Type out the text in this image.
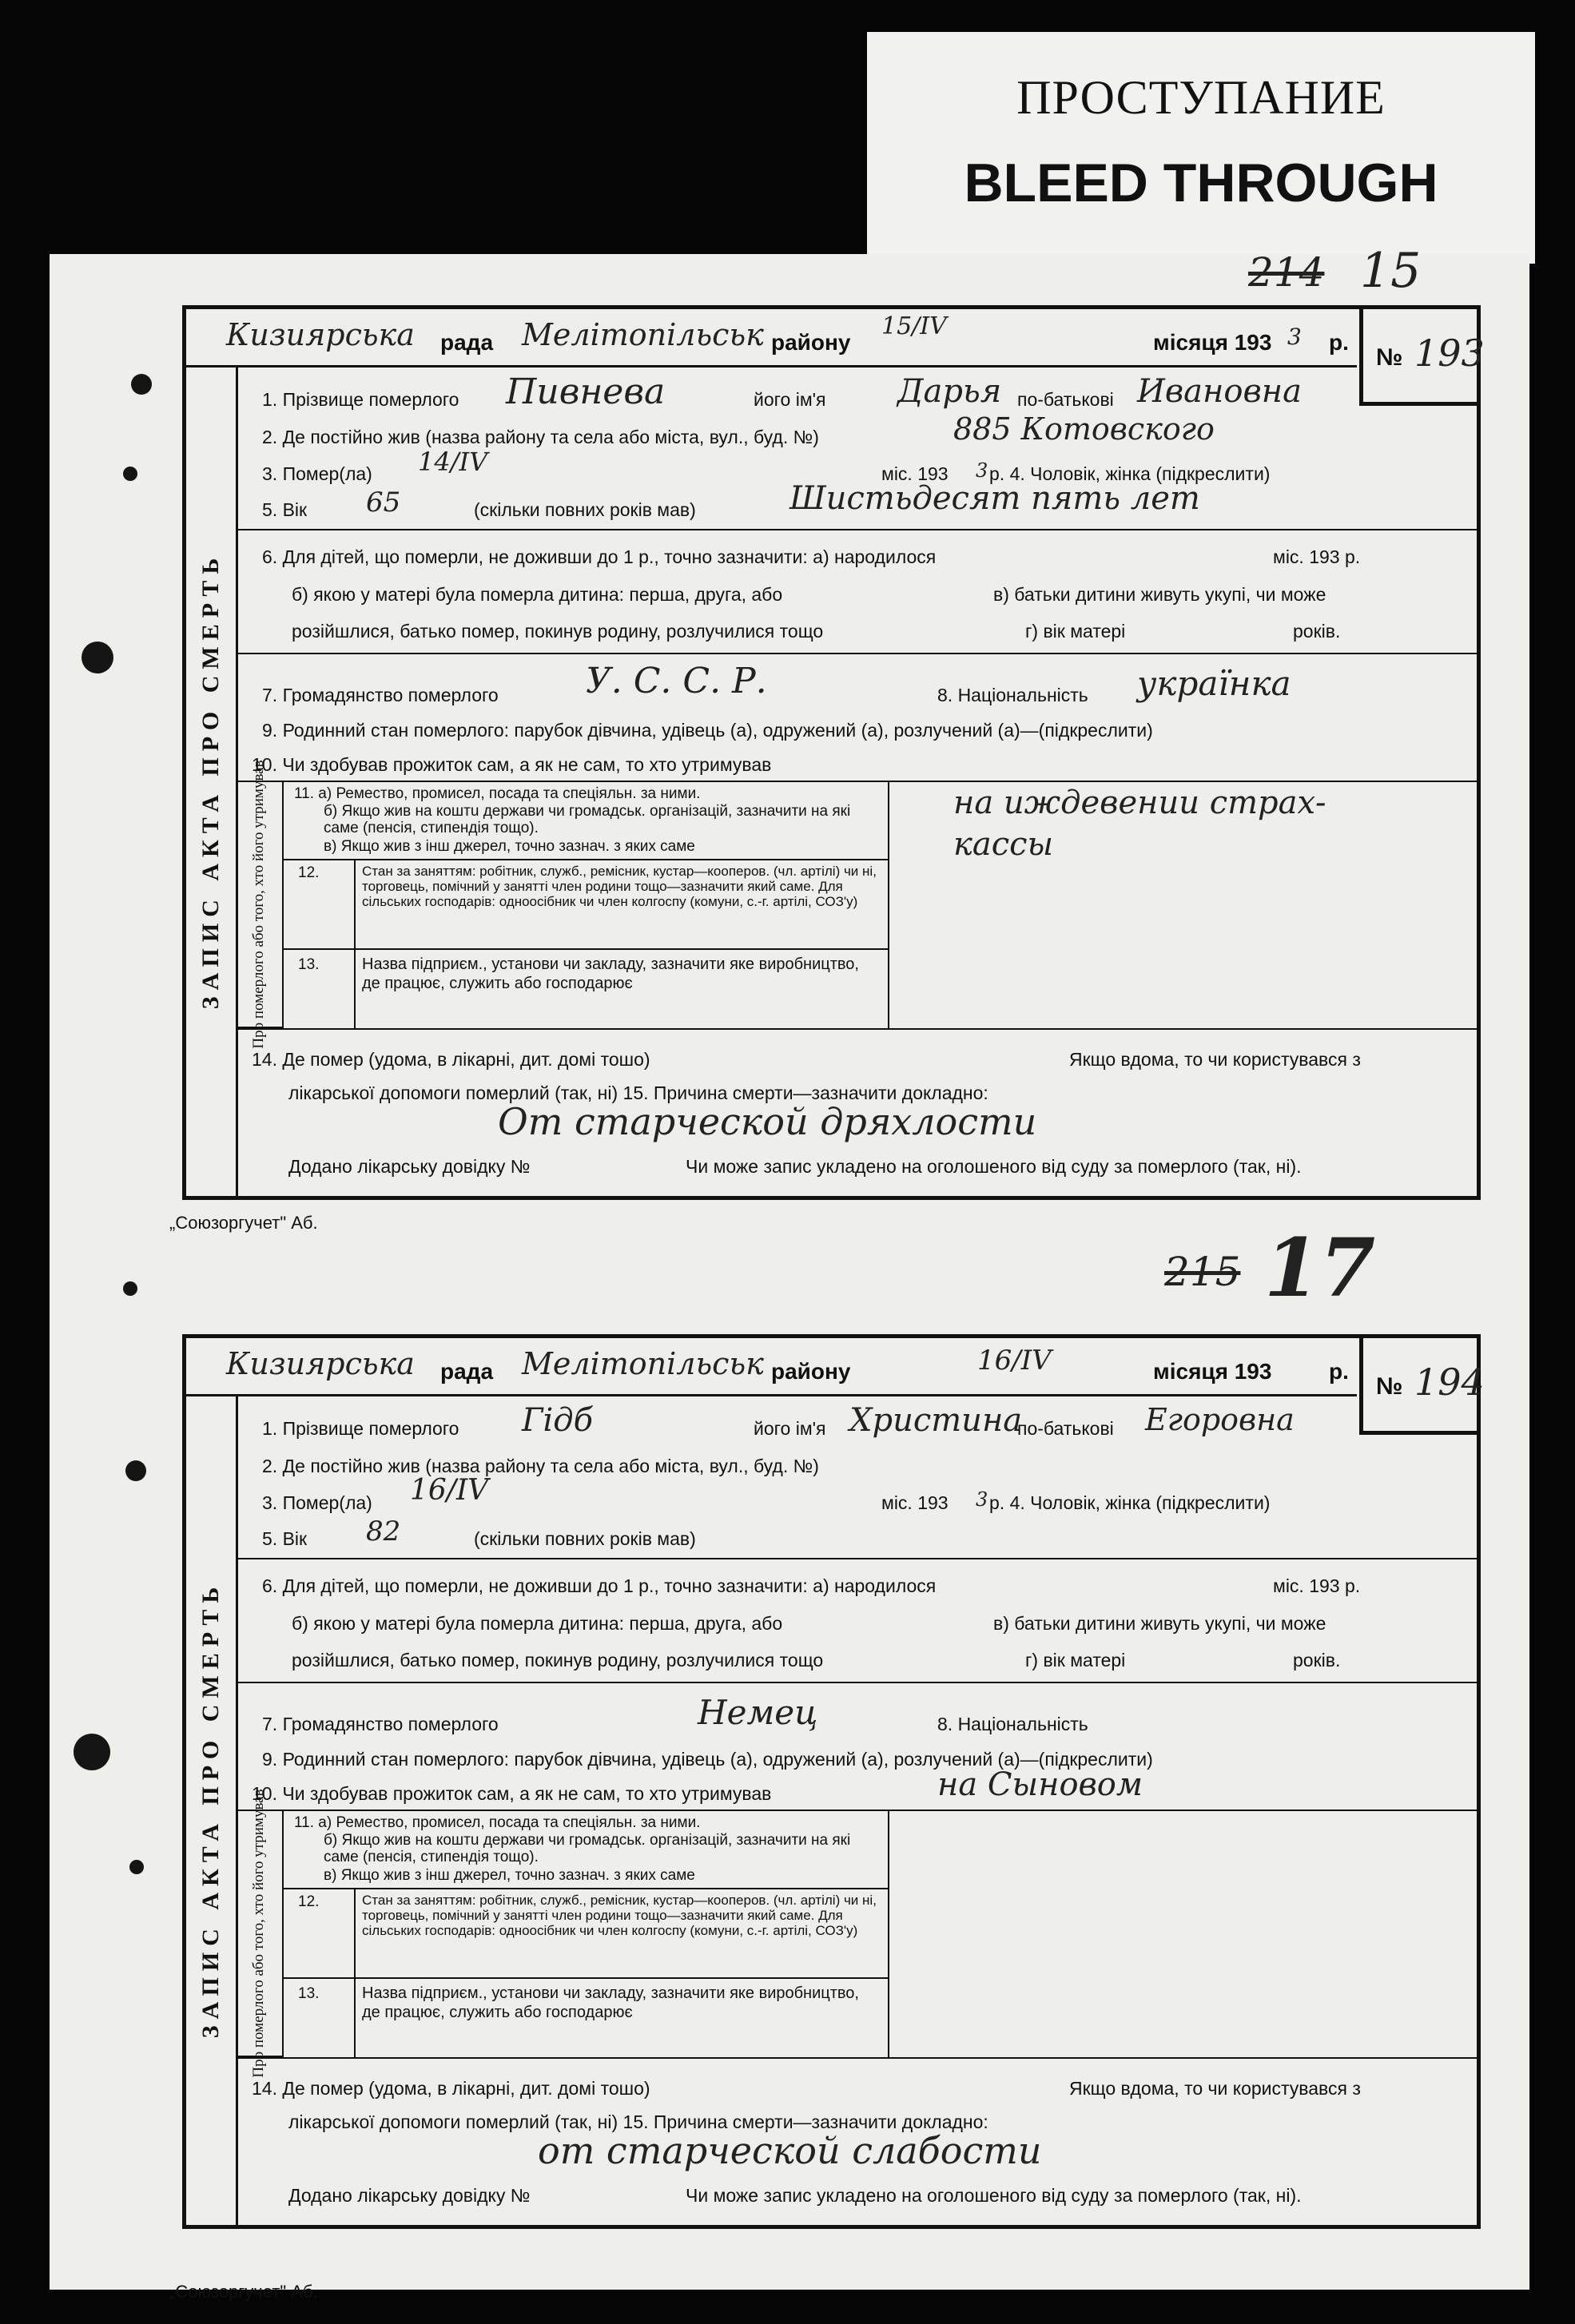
ПРОСТУПАНИЕ
BLEED THROUGH
214 15
215 17
„Союзоргучет" Аб.
„Союзоргучет" Аб.
Кизиярська рада Мелітопільськ району
15/IV
місяця 193 3 р.
№ 193
ЗАПИС АКТА ПРО СМЕРТЬ Про померлого або того, хто його утримував
1. Прізвище померлого Пивнева	його ім'я Дарья по-батькові Ивановна
2. Де постійно жив (назва району та села або міста, вул., буд. №)	885 Котовского
3. Помер(ла) 14/IV	міс. 193 3 р. 4. Чоловік, жінка (підкреслити)
5. Вік 65	(скільки повних років мав)	Шистьдесят пять лет
6. Для дітей, що померли, не доживши до 1 р., точно зазначити: а) народилося	міс. 193 р.
б) якою у матері була померла дитина: перша, друга, або	в) батьки дитини живуть укупі, чи може
розійшлися, батько помер, покинув родину, розлучилися тощо	г) вік матері	років.
7. Громадянство померлого У. С. С. Р.	8. Національність українка
9. Родинний стан померлого: парубок дівчина, удівець (а), одружений (а), розлучений (а)—(підкреслити)
10. Чи здобував прожиток сам, а як не сам, то хто утримував
11. а) Ремество, промисел, посада та спеціяльн. за ними.
б) Якщо жив на коштu держави чи громадськ. організацій, зазначити на які саме (пенсія, стипендія тощо).
в) Якщо жив з інш джерел, точно зазнач. з яких саме
на иждевении страх-кассы
12.	Стан за заняттям: робітник, служб., ремісник, кустар—кооперов. (чл. артілі) чи ні, торговець, помічний у занятті член родини тощо—зазначити який саме. Для сільських господарів: одноосібник чи член колгоспу (комуни, с.-г. артілі, СОЗ'у)
13.	Назва підприєм., установи чи закладу, зазначити яке виробництво, де працює, служить або господарює
14. Де помер (удома, в лікарні, дит. домі тошо)	Якщо вдома, то чи користувався з
лікарської допомоги померлий (так, ні) 15. Причина смерти—зазначити докладно:
От старческой дряхлости
Додано лікарську довідку №	Чи може запис укладено на оголошеного від суду за померлого (так, ні).
Кизиярська рада Мелітопільськ району	16/IV	місяця 193	р.
№ 194
ЗАПИС АКТА ПРО СМЕРТЬ Про померлого або того, хто його утримував
1. Прізвище померлого Гідб	його ім'я Христина
по-батькові Егоровна
2. Де постійно жив (назва району та села або міста, вул., буд. №)
3. Помер(ла) 16/IV	міс. 193 3 р. 4. Чоловік, жінка (підкреслити)
5. Вік 82	(скільки повних років мав)
6. Для дітей, що померли, не доживши до 1 р., точно зазначити: а) народилося	міс. 193 р.
б) якою у матері була померла дитина: перша, друга, або	в) батьки дитини живуть укупі, чи може
розійшлися, батько помер, покинув родину, розлучилися тощо	г) вік матері	років.
7. Громадянство померлого	Немец	8. Національність
9. Родинний стан померлого: парубок дівчина, удівець (а), одружений (а), розлучений (а)—(підкреслити)
10. Чи здобував прожиток сам, а як не сам, то хто утримував	на Сыновом
11. а) Ремество, промисел, посада та спеціяльн. за ними.
б) Якщо жив на коштu держави чи громадськ. організацій, зазначити на які саме (пенсія, стипендія тощо).
в) Якщо жив з інш джерел, точно зазнач. з яких саме
12.	Стан за заняттям: робітник, служб., ремісник, кустар—кооперов. (чл. артілі) чи ні, торговець, помічний у занятті член родини тощо—зазначити який саме. Для сільських господарів: одноосібник чи член колгоспу (комуни, с.-г. артілі, СОЗ'у)
13.	Назва підприєм., установи чи закладу, зазначити яке виробництво, де працює, служить або господарює
14. Де помер (удома, в лікарні, дит. домі тошо)	Якщо вдома, то чи користувався з
лікарської допомоги померлий (так, ні) 15. Причина смерти—зазначити докладно:
от старческой слабости
Додано лікарську довідку №	Чи може запис укладено на оголошеного від суду за померлого (так, ні).
